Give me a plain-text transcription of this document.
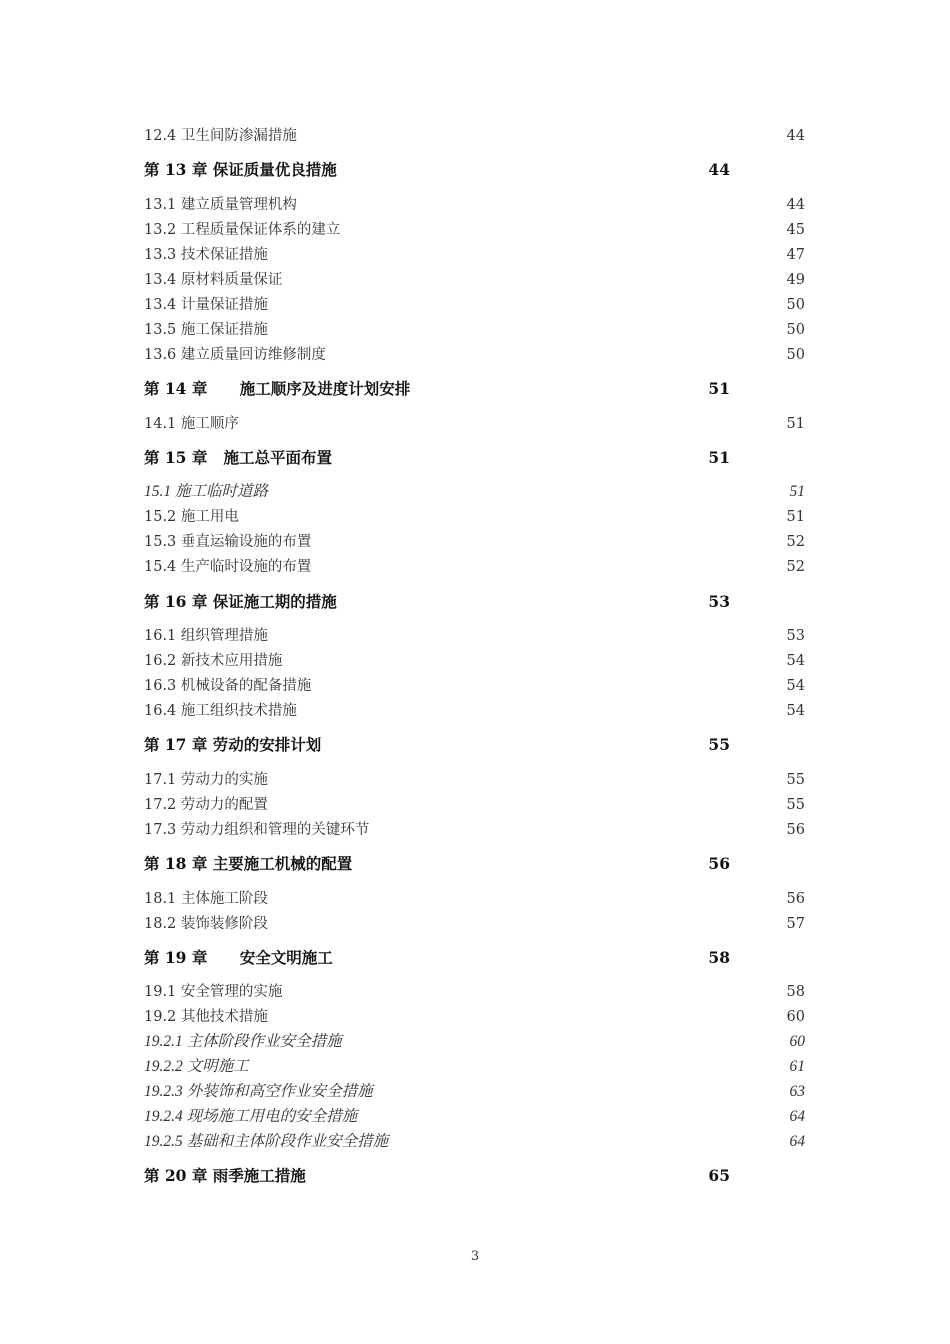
12.4 卫生间防渗漏措施	44
第 13 章 保证质量优良措施	44
13.1 建立质量管理机构	44
13.2 工程质量保证体系的建立	45
13.3 技术保证措施	47
13.4 原材料质量保证	49
13.4 计量保证措施	50
13.5 施工保证措施	50
13.6 建立质量回访维修制度	50
第 14 章      施工顺序及进度计划安排	51
14.1 施工顺序	51
第 15 章   施工总平面布置	51
15.1 施工临时道路	51
15.2 施工用电	51
15.3 垂直运输设施的布置	52
15.4 生产临时设施的布置	52
第 16 章 保证施工期的措施	53
16.1 组织管理措施	53
16.2 新技术应用措施	54
16.3 机械设备的配备措施	54
16.4 施工组织技术措施	54
第 17 章 劳动的安排计划	55
17.1 劳动力的实施	55
17.2 劳动力的配置	55
17.3 劳动力组织和管理的关键环节	56
第 18 章 主要施工机械的配置	56
18.1 主体施工阶段	56
18.2 装饰装修阶段	57
第 19 章      安全文明施工	58
19.1 安全管理的实施	58
19.2 其他技术措施	60
19.2.1 主体阶段作业安全措施	60
19.2.2 文明施工	61
19.2.3 外装饰和高空作业安全措施	63
19.2.4 现场施工用电的安全措施	64
19.2.5 基础和主体阶段作业安全措施	64
第 20 章 雨季施工措施	65
3
